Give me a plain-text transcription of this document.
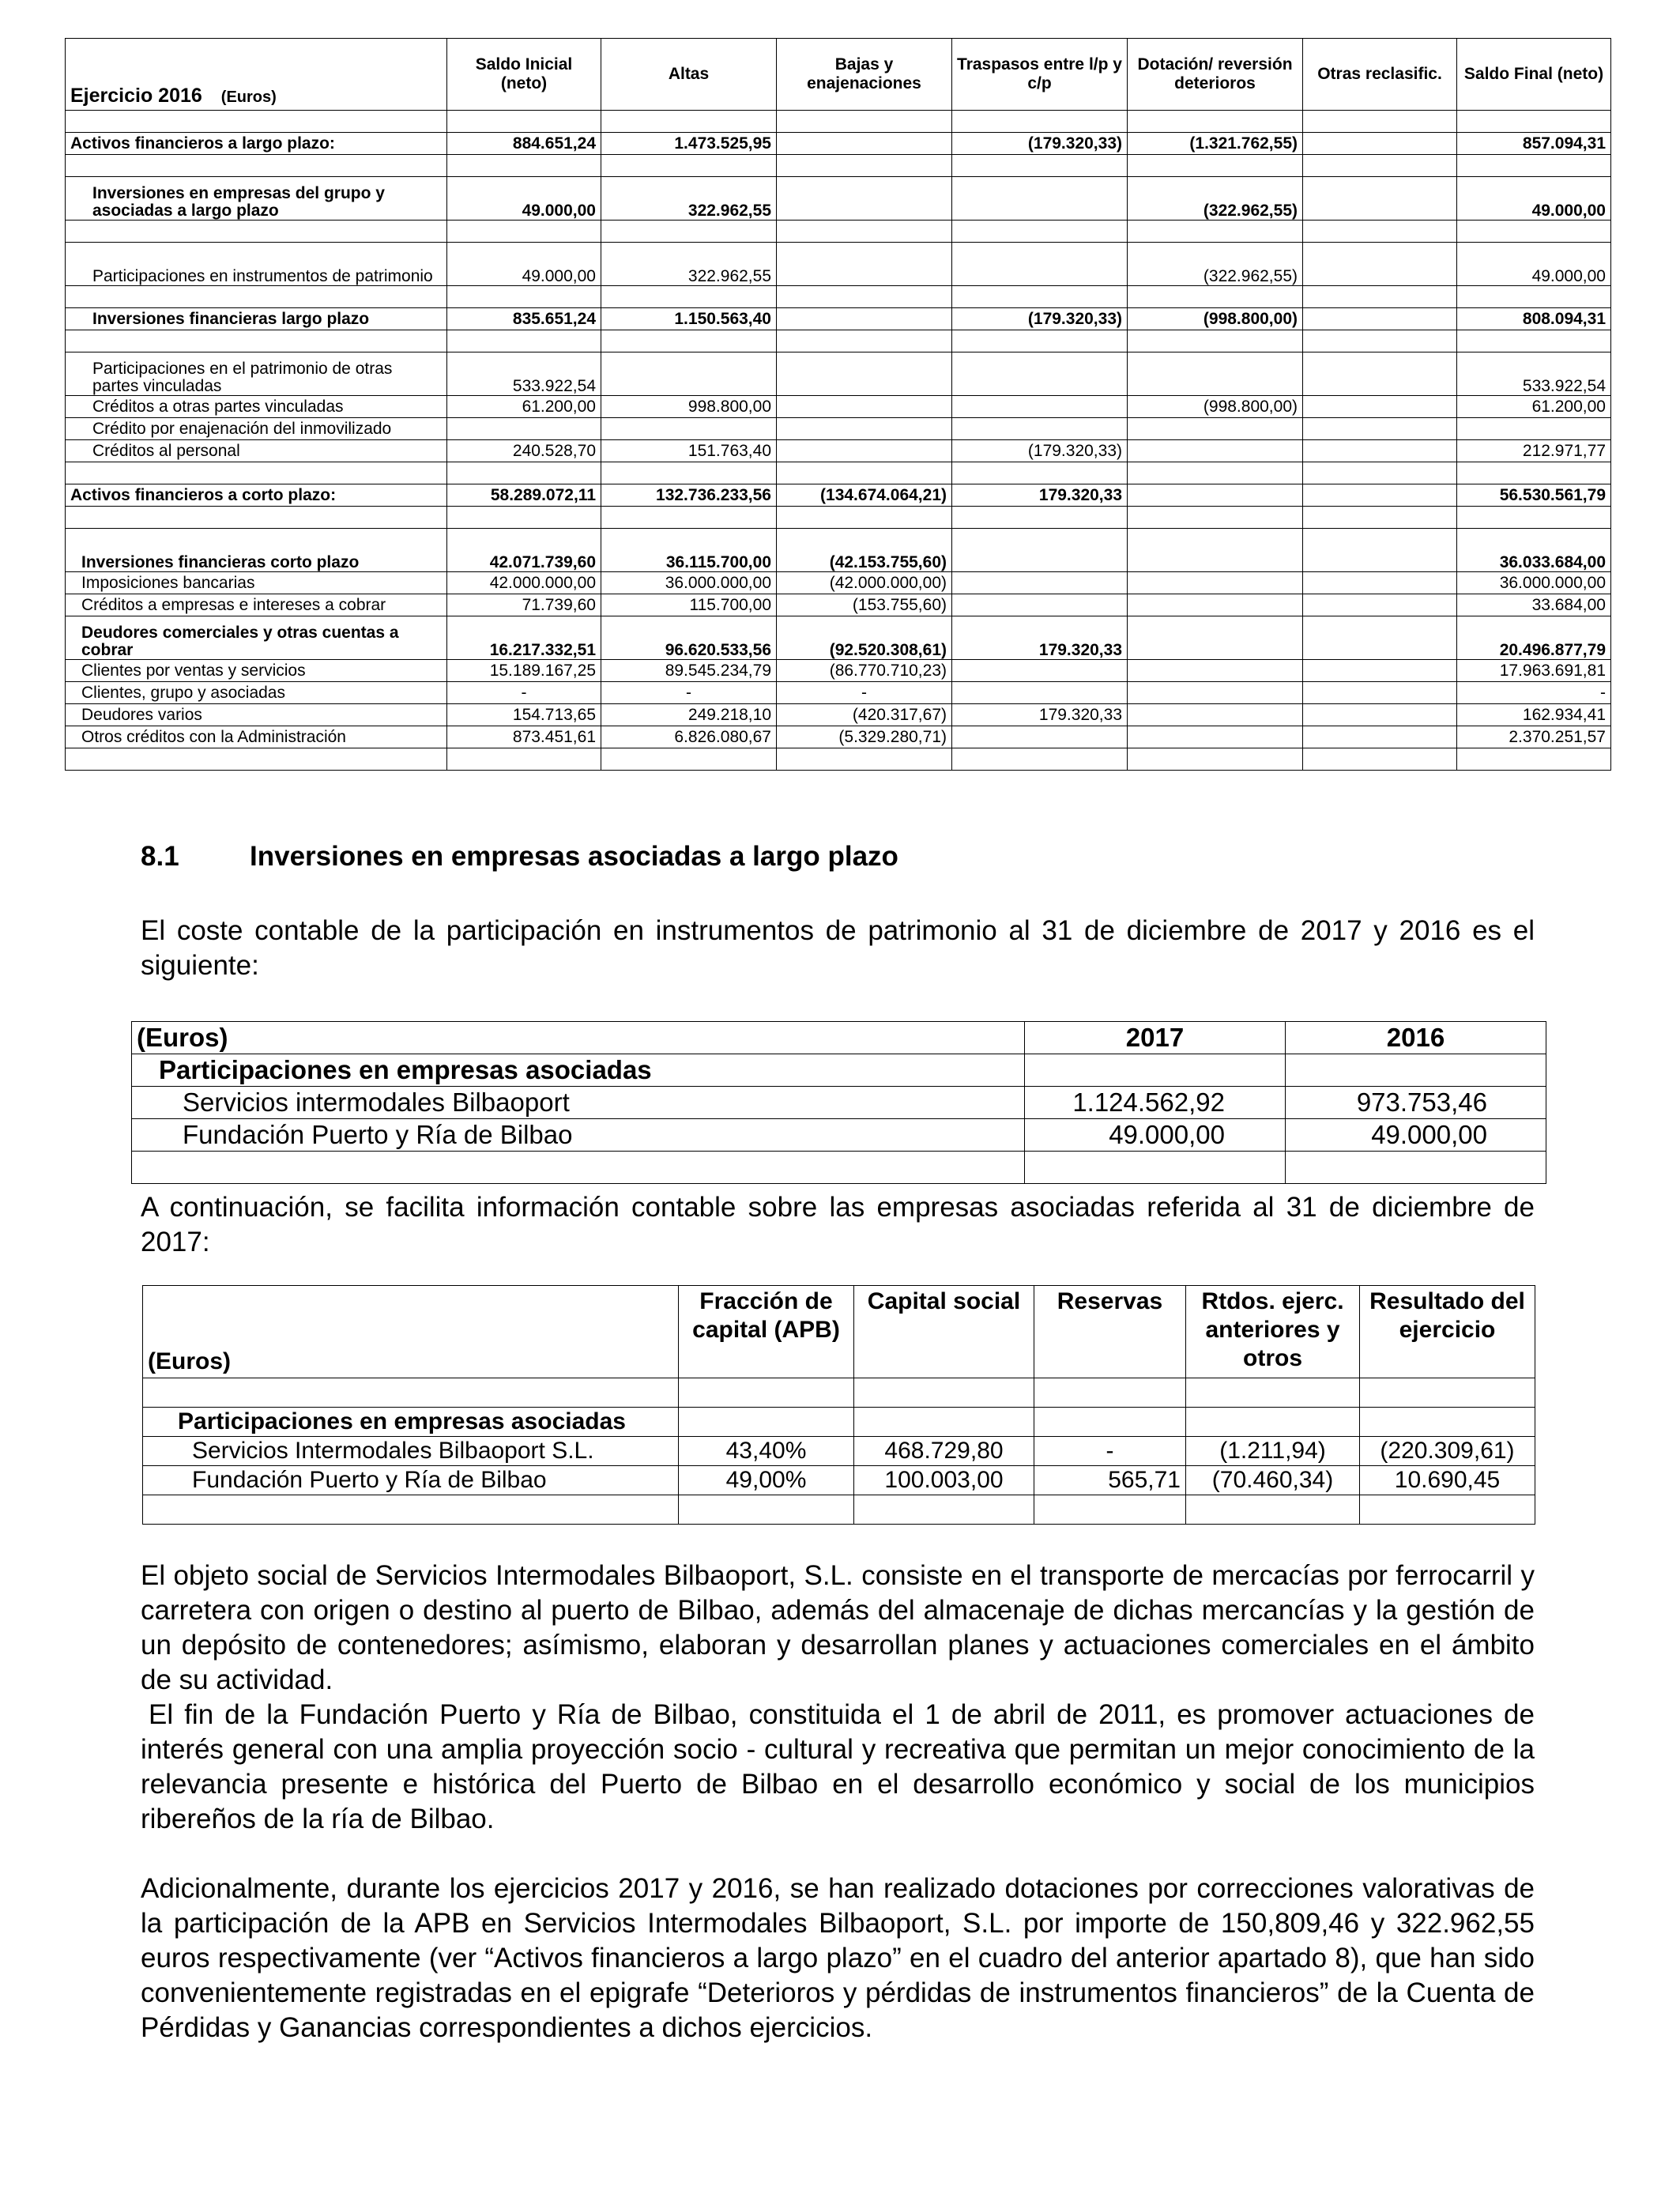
Ejercicio 2016 (Euros)	Saldo Inicial (neto)	Altas	Bajas y enajenaciones	Traspasos entre l/p y c/p	Dotación/ reversión deterioros	Otras reclasific.	Saldo Final (neto)

Activos financieros a largo plazo:	884.651,24	1.473.525,95		(179.320,33)	(1.321.762,55)		857.094,31

Inversiones en empresas del grupo y asociadas a largo plazo	49.000,00	322.962,55			(322.962,55)		49.000,00

Participaciones en instrumentos de patrimonio	49.000,00	322.962,55			(322.962,55)		49.000,00

Inversiones financieras largo plazo	835.651,24	1.150.563,40		(179.320,33)	(998.800,00)		808.094,31

Participaciones en el patrimonio de otras partes vinculadas	533.922,54						533.922,54
Créditos a otras partes vinculadas	61.200,00	998.800,00			(998.800,00)		61.200,00
Crédito por enajenación del inmovilizado							
Créditos al personal	240.528,70	151.763,40		(179.320,33)			212.971,77

Activos financieros a corto plazo:	58.289.072,11	132.736.233,56	(134.674.064,21)	179.320,33			56.530.561,79

Inversiones financieras corto plazo	42.071.739,60	36.115.700,00	(42.153.755,60)				36.033.684,00
Imposiciones bancarias	42.000.000,00	36.000.000,00	(42.000.000,00)				36.000.000,00
Créditos a empresas e intereses a cobrar	71.739,60	115.700,00	(153.755,60)				33.684,00
Deudores comerciales y otras cuentas a cobrar	16.217.332,51	96.620.533,56	(92.520.308,61)	179.320,33			20.496.877,79
Clientes por ventas y servicios	15.189.167,25	89.545.234,79	(86.770.710,23)				17.963.691,81
Clientes, grupo y asociadas	-	-	-				-
Deudores varios	154.713,65	249.218,10	(420.317,67)	179.320,33			162.934,41
Otros créditos con la Administración	873.451,61	6.826.080,67	(5.329.280,71)				2.370.251,57

8.1	Inversiones en empresas asociadas a largo plazo
El coste contable de la participación en instrumentos de patrimonio al 31 de diciembre de 2017 y 2016 es el siguiente:
(Euros)	2017	2016
Participaciones en empresas asociadas		
Servicios intermodales Bilbaoport	1.124.562,92	973.753,46
Fundación Puerto y Ría de Bilbao	49.000,00	49.000,00

A continuación, se facilita información contable sobre las empresas asociadas referida al 31 de diciembre de 2017:
(Euros)	Fracción de capital (APB)	Capital social	Reservas	Rtdos. ejerc. anteriores y otros	Resultado del ejercicio

Participaciones en empresas asociadas					
Servicios Intermodales Bilbaoport S.L.	43,40%	468.729,80	-	(1.211,94)	(220.309,61)
Fundación Puerto y Ría de Bilbao	49,00%	100.003,00	565,71	(70.460,34)	10.690,45

El objeto social de Servicios Intermodales Bilbaoport, S.L. consiste en el transporte de mercacías por ferrocarril y carretera con origen o destino al puerto de Bilbao, además del almacenaje de dichas mercancías y la gestión de un depósito de contenedores; asímismo, elaboran y desarrollan planes y actuaciones comerciales en el ámbito de su actividad.
El fin de la Fundación Puerto y Ría de Bilbao, constituida el 1 de abril de 2011, es promover actuaciones de interés general con una amplia proyección socio - cultural y recreativa que permitan un mejor conocimiento de la relevancia presente e histórica del Puerto de Bilbao en el desarrollo económico y social de los municipios ribereños de la ría de Bilbao.
Adicionalmente, durante los ejercicios 2017 y 2016, se han realizado dotaciones por correcciones valorativas de la participación de la APB en Servicios Intermodales Bilbaoport, S.L. por importe de 150,809,46 y 322.962,55 euros respectivamente (ver “Activos financieros a largo plazo” en el cuadro del anterior apartado 8), que han sido convenientemente registradas en el epigrafe “Deterioros y pérdidas de instrumentos financieros” de la Cuenta de Pérdidas y Ganancias correspondientes a dichos ejercicios.
